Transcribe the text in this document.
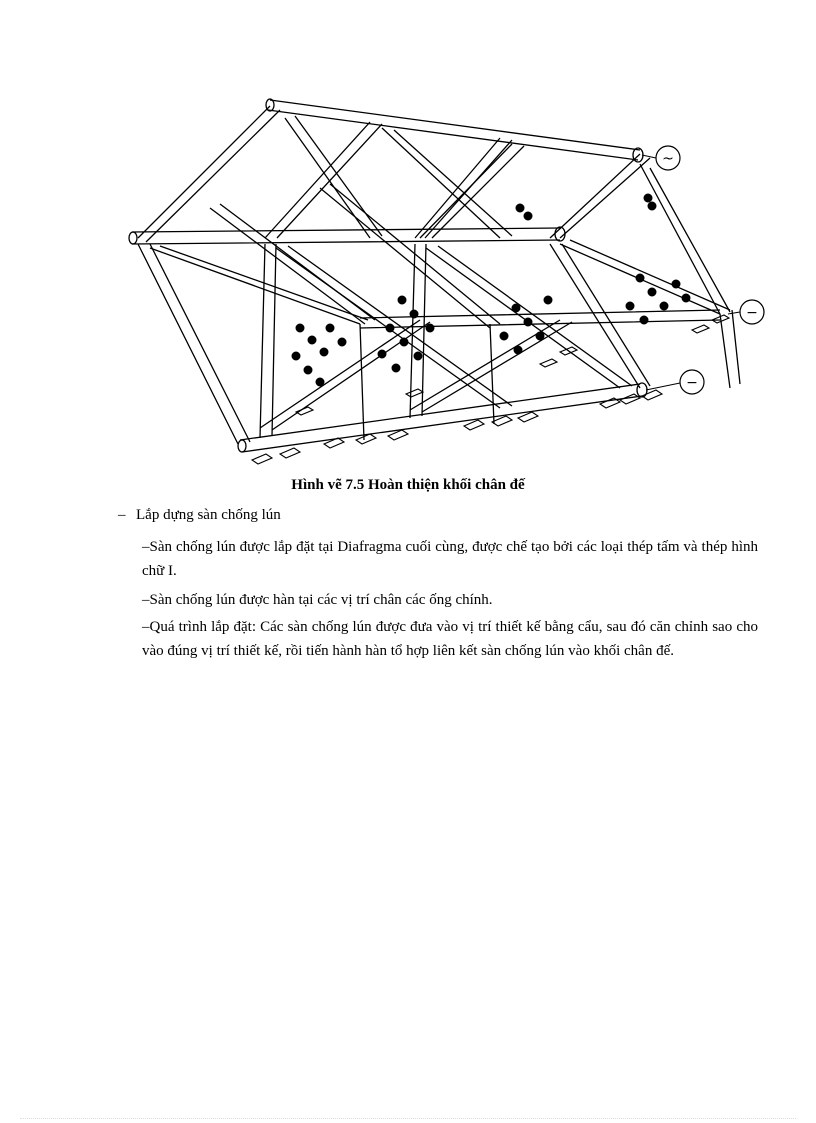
~
−
−
Hình vẽ 7.5 Hoàn thiện khối chân đế
– Lắp dựng sàn chống lún
–Sàn chống lún được lắp đặt tại Diafragma cuối cùng, được chế tạo bởi các loại thép tấm và thép hình chữ I.
–Sàn chống lún được hàn tại các vị trí chân các ống chính.
–Quá trình lắp đặt: Các sàn chống lún được đưa vào vị trí thiết kế bằng cẩu, sau đó căn chỉnh sao cho vào đúng vị trí thiết kế, rồi tiến hành hàn tổ hợp liên kết sàn chống lún vào khối chân đế.
